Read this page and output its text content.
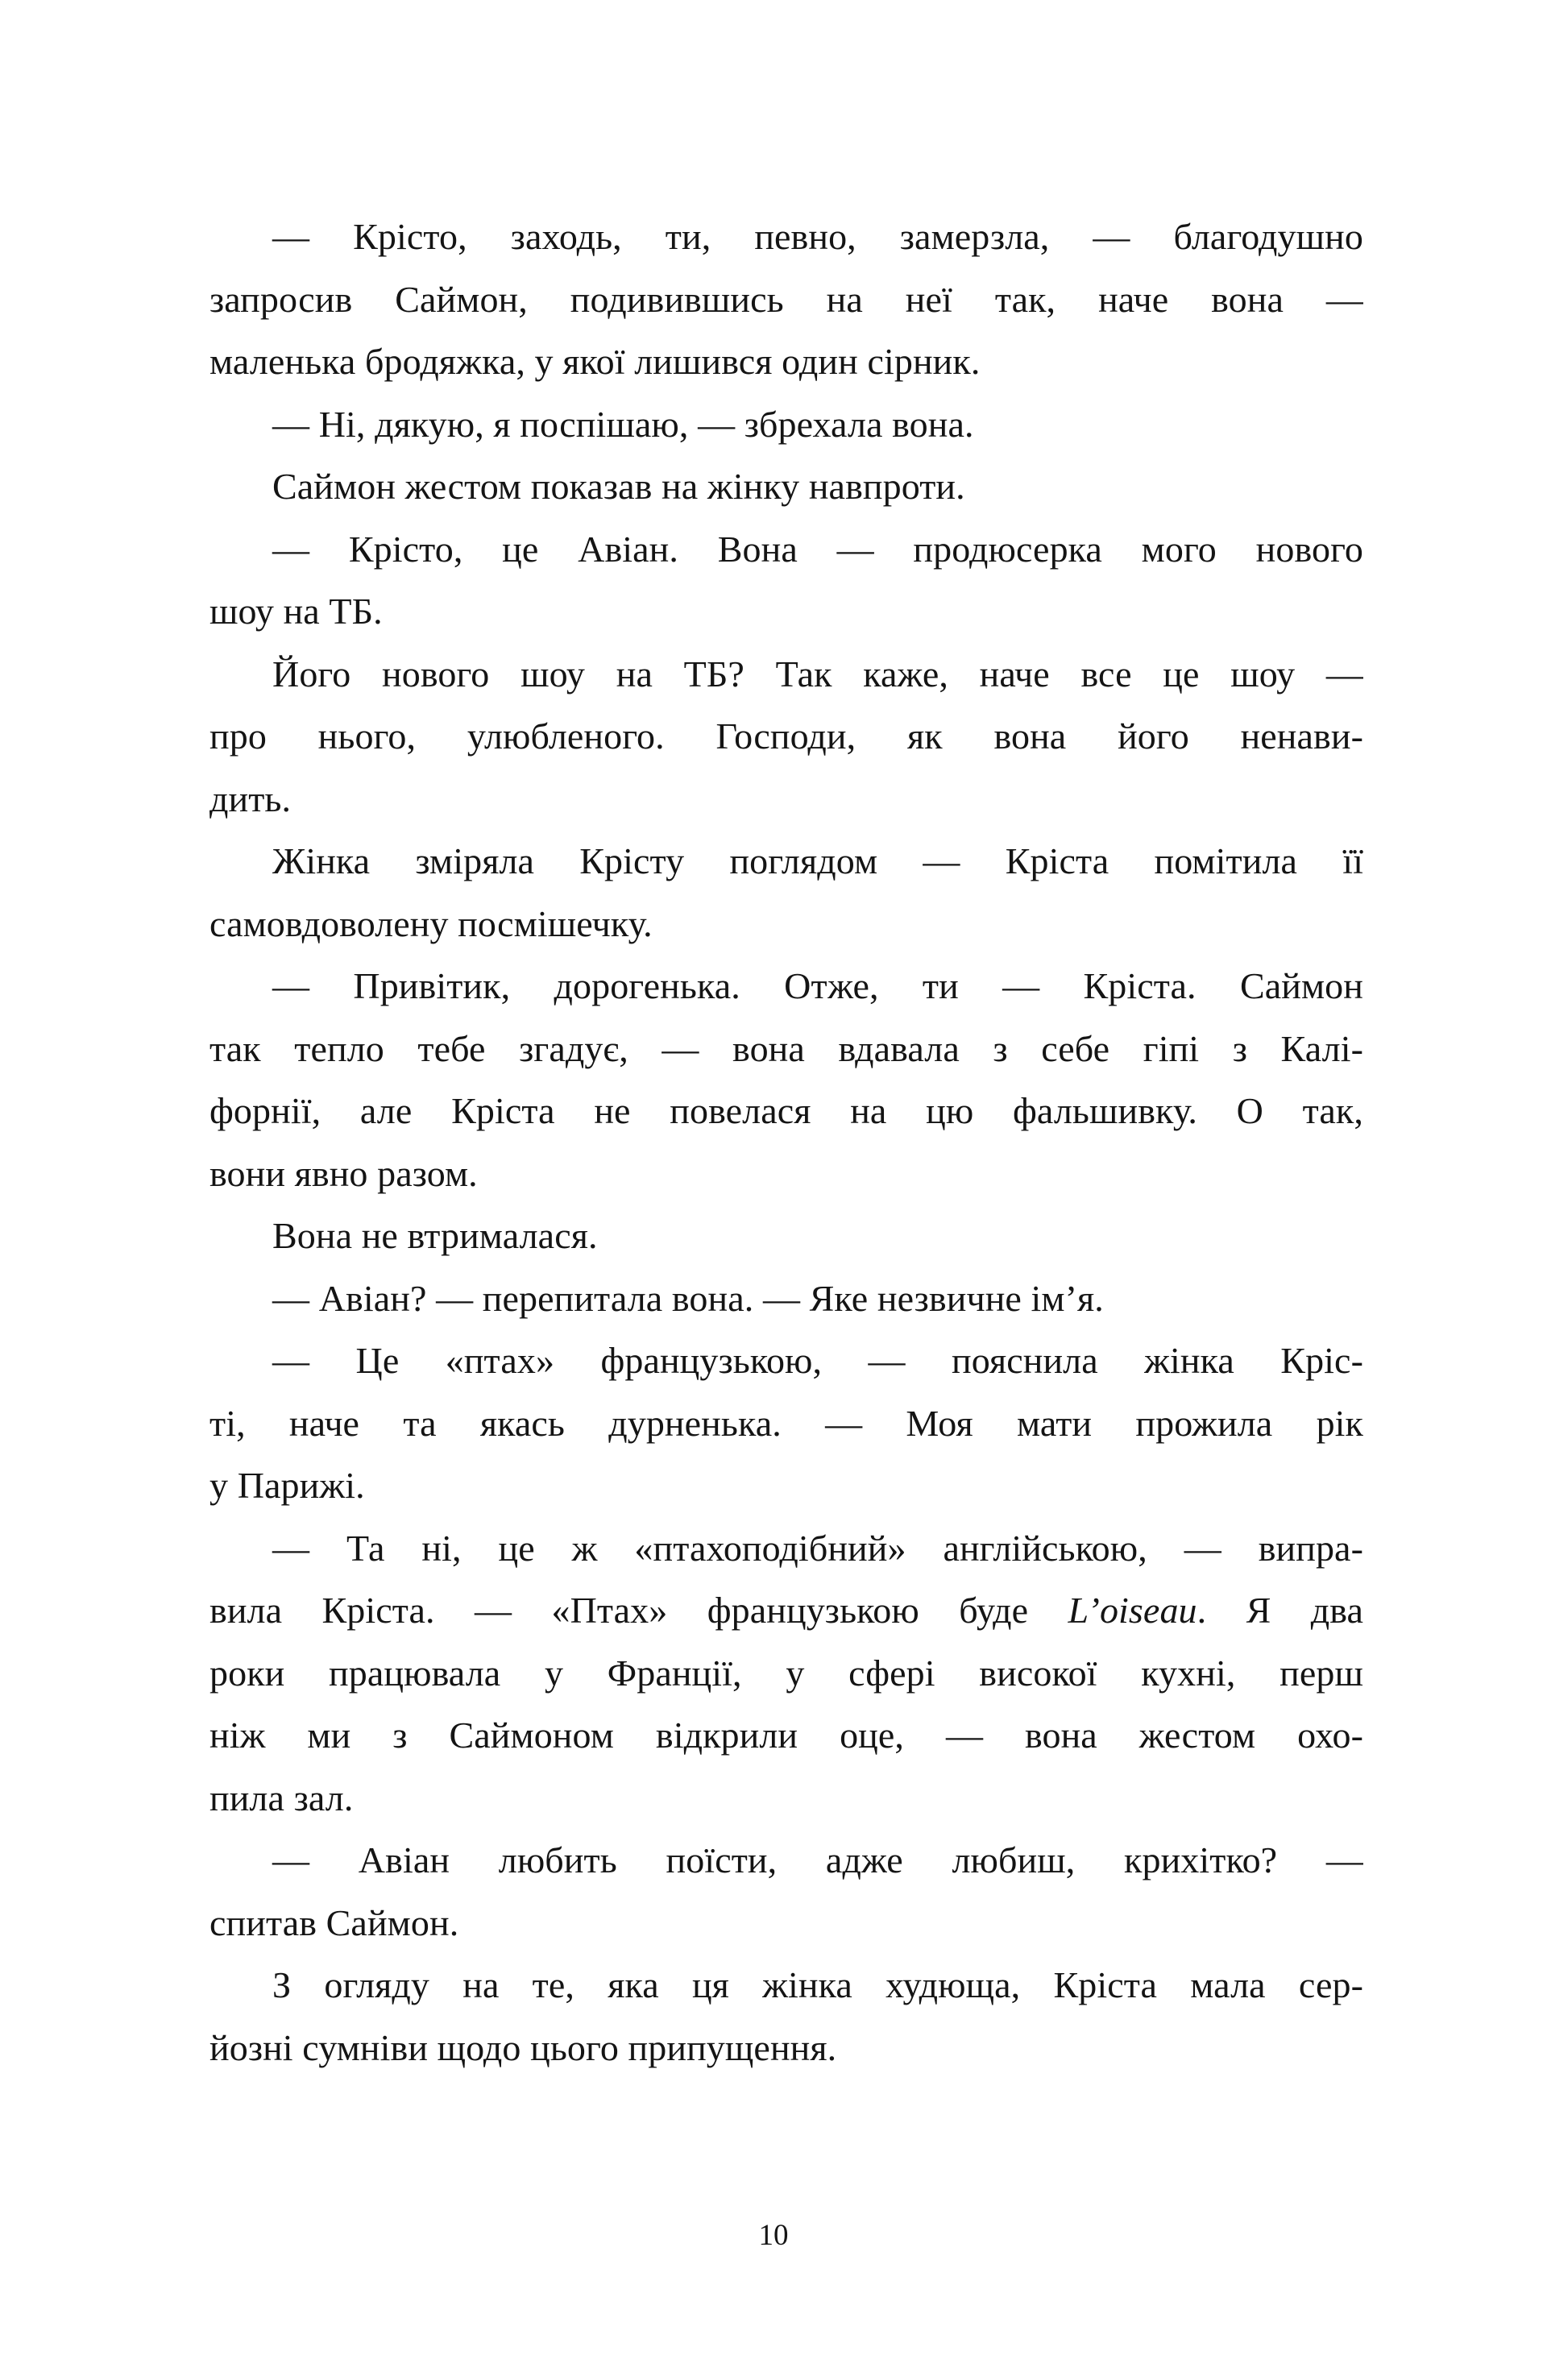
— Крісто, заходь, ти, певно, замерзла, — благодушно
запросив Саймон, подивившись на неї так, наче вона —
маленька бродяжка, у якої лишився один сірник.
— Ні, дякую, я поспішаю, — збрехала вона.
Саймон жестом показав на жінку навпроти.
— Крісто, це Авіан. Вона — продюсерка мого нового
шоу на ТБ.
Його нового шоу на ТБ? Так каже, наче все це шоу —
про нього, улюбленого. Господи, як вона його ненави-
дить.
Жінка зміряла Крісту поглядом — Кріста помітила її
самовдоволену посмішечку.
— Привітик, дорогенька. Отже, ти — Кріста. Саймон
так тепло тебе згадує, — вона вдавала з себе гіпі з Калі-
форнії, але Кріста не повелася на цю фальшивку. О так,
вони явно разом.
Вона не втрималася.
— Авіан? — перепитала вона. — Яке незвичне ім’я.
— Це «птах» французькою, — пояснила жінка Кріс-
ті, наче та якась дурненька. — Моя мати прожила рік
у Парижі.
— Та ні, це ж «птахоподібний» англійською, — випра-
вила Кріста. — «Птах» французькою буде L’oiseau. Я два
роки працювала у Франції, у сфері високої кухні, перш
ніж ми з Саймоном відкрили оце, — вона жестом охо-
пила зал.
— Авіан любить поїсти, адже любиш, крихітко? —
спитав Саймон.
З огляду на те, яка ця жінка худюща, Кріста мала сер-
йозні сумніви щодо цього припущення.
10
